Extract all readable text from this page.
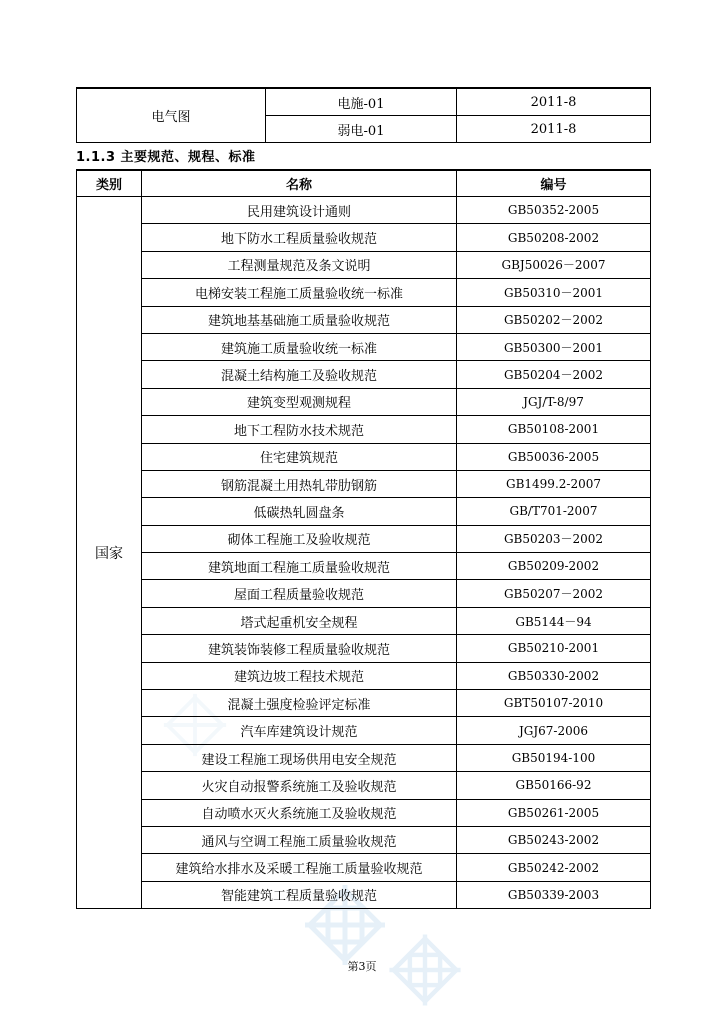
电气图	电施-01	2011-8
	弱电-01	2011-8
1.1.3 主要规范、规程、标准
类别	名称	编号
国家	民用建筑设计通则	GB50352-2005
	地下防水工程质量验收规范	GB50208-2002
	工程测量规范及条文说明	GBJ50026－2007
	电梯安装工程施工质量验收统一标准	GB50310－2001
	建筑地基基础施工质量验收规范	GB50202－2002
	建筑施工质量验收统一标准	GB50300－2001
	混凝土结构施工及验收规范	GB50204－2002
	建筑变型观测规程	JGJ/T-8/97
	地下工程防水技术规范	GB50108-2001
	住宅建筑规范	GB50036-2005
	钢筋混凝土用热轧带肋钢筋	GB1499.2-2007
	低碳热轧圆盘条	GB/T701-2007
	砌体工程施工及验收规范	GB50203－2002
	建筑地面工程施工质量验收规范	GB50209-2002
	屋面工程质量验收规范	GB50207－2002
	塔式起重机安全规程	GB5144－94
	建筑装饰装修工程质量验收规范	GB50210-2001
	建筑边坡工程技术规范	GB50330-2002
	混凝土强度检验评定标准	GBT50107-2010
	汽车库建筑设计规范	JGJ67-2006
	建设工程施工现场供用电安全规范	GB50194-100
	火灾自动报警系统施工及验收规范	GB50166-92
	自动喷水灭火系统施工及验收规范	GB50261-2005
	通风与空调工程施工质量验收规范	GB50243-2002
	建筑给水排水及采暖工程施工质量验收规范	GB50242-2002
	智能建筑工程质量验收规范	GB50339-2003
第3页
